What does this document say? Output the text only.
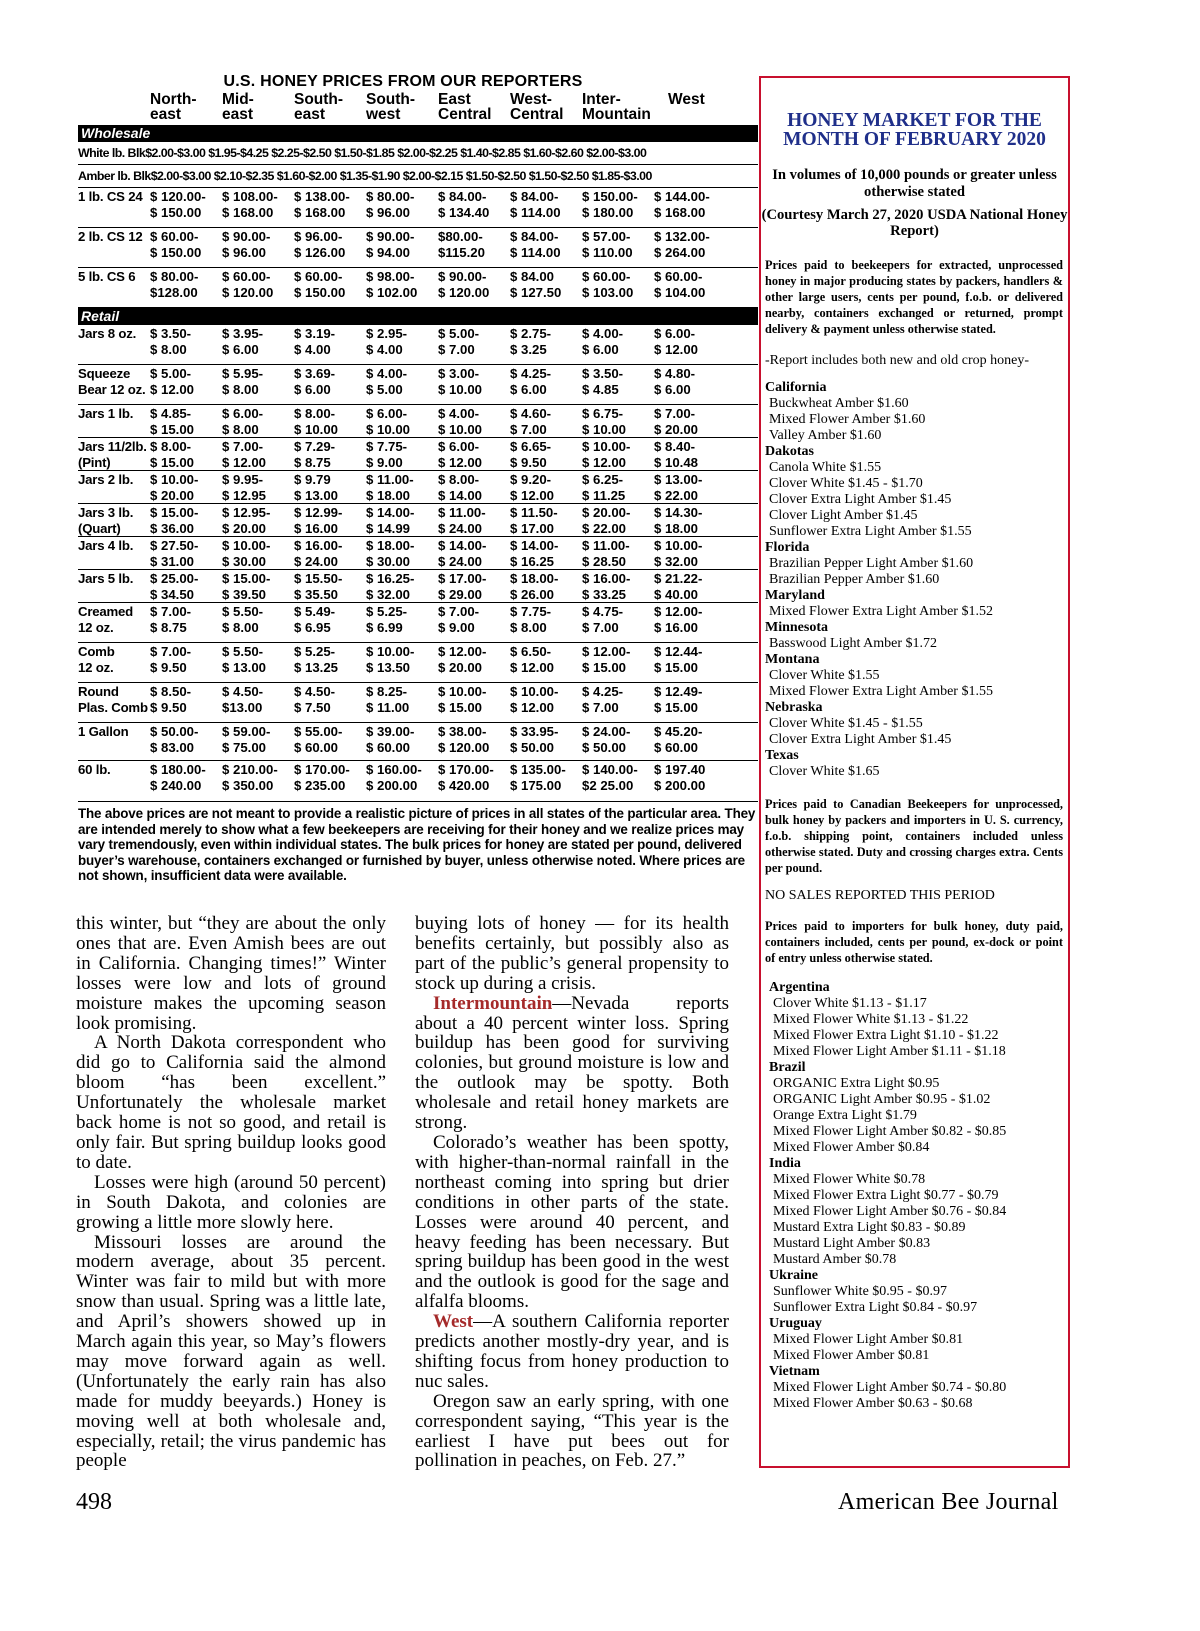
U.S. HONEY PRICES FROM OUR REPORTERS
North-
east
Mid-
east
South-
east
South-
west
East
Central
West-
Central
Inter-
Mountain
West
Wholesale
White lb. Blk$2.00-$3.00 $1.95-$4.25 $2.25-$2.50 $1.50-$1.85 $2.00-$2.25 $1.40-$2.85 $1.60-$2.60 $2.00-$3.00
Amber lb. Blk$2.00-$3.00 $2.10-$2.35 $1.60-$2.00 $1.35-$1.90 $2.00-$2.15 $1.50-$2.50 $1.50-$2.50 $1.85-$3.00
1 lb. CS 24 $ 120.00-
$ 150.00
$ 108.00-
$ 168.00
$ 138.00-
$ 168.00
$ 80.00-
$ 96.00
$ 84.00-
$ 134.40
$ 84.00-
$ 114.00
$ 150.00-
$ 180.00
$ 144.00-
$ 168.00
2 lb. CS 12 $ 60.00-
$ 150.00
$ 90.00-
$ 96.00
$ 96.00-
$ 126.00
$ 90.00-
$ 94.00
$80.00-
$115.20
$ 84.00-
$ 114.00
$ 57.00-
$ 110.00
$ 132.00-
$ 264.00
5 lb. CS 6 $ 80.00-
$128.00
$ 60.00-
$ 120.00
$ 60.00-
$ 150.00
$ 98.00-
$ 102.00
$ 90.00-
$ 120.00
$ 84.00
$ 127.50
$ 60.00-
$ 103.00
$ 60.00-
$ 104.00
Retail
Jars 8 oz. $ 3.50-
$ 8.00
$ 3.95-
$ 6.00
$ 3.19-
$ 4.00
$ 2.95-
$ 4.00
$ 5.00-
$ 7.00
$ 2.75-
$ 3.25
$ 4.00-
$ 6.00
$ 6.00-
$ 12.00
Squeeze
Bear 12 oz.
$ 5.00-
$ 12.00
$ 5.95-
$ 8.00
$ 3.69-
$ 6.00
$ 4.00-
$ 5.00
$ 3.00-
$ 10.00
$ 4.25-
$ 6.00
$ 3.50-
$ 4.85
$ 4.80-
$ 6.00
Jars 1 lb. $ 4.85-
$ 15.00
$ 6.00-
$ 8.00
$ 8.00-
$ 10.00
$ 6.00-
$ 10.00
$ 4.00-
$ 10.00
$ 4.60-
$ 7.00
$ 6.75-
$ 10.00
$ 7.00-
$ 20.00
Jars 11/2lb.
(Pint)
$ 8.00-
$ 15.00
$ 7.00-
$ 12.00
$ 7.29-
$ 8.75
$ 7.75-
$ 9.00
$ 6.00-
$ 12.00
$ 6.65-
$ 9.50
$ 10.00-
$ 12.00
$ 8.40-
$ 10.48
Jars 2 lb. $ 10.00-
$ 20.00
$ 9.95-
$ 12.95
$ 9.79
$ 13.00
$ 11.00-
$ 18.00
$ 8.00-
$ 14.00
$ 9.20-
$ 12.00
$ 6.25-
$ 11.25
$ 13.00-
$ 22.00
Jars 3 lb.
(Quart)
$ 15.00-
$ 36.00
$ 12.95-
$ 20.00
$ 12.99-
$ 16.00
$ 14.00-
$ 14.99
$ 11.00-
$ 24.00
$ 11.50-
$ 17.00
$ 20.00-
$ 22.00
$ 14.30-
$ 18.00
Jars 4 lb. $ 27.50-
$ 31.00
$ 10.00-
$ 30.00
$ 16.00-
$ 24.00
$ 18.00-
$ 30.00
$ 14.00-
$ 24.00
$ 14.00-
$ 16.25
$ 11.00-
$ 28.50
$ 10.00-
$ 32.00
Jars 5 lb. $ 25.00-
$ 34.50
$ 15.00-
$ 39.50
$ 15.50-
$ 35.50
$ 16.25-
$ 32.00
$ 17.00-
$ 29.00
$ 18.00-
$ 26.00
$ 16.00-
$ 33.25
$ 21.22-
$ 40.00
Creamed
12 oz.
$ 7.00-
$ 8.75
$ 5.50-
$ 8.00
$ 5.49-
$ 6.95
$ 5.25-
$ 6.99
$ 7.00-
$ 9.00
$ 7.75-
$ 8.00
$ 4.75-
$ 7.00
$ 12.00-
$ 16.00
Comb
12 oz.
$ 7.00-
$ 9.50
$ 5.50-
$ 13.00
$ 5.25-
$ 13.25
$ 10.00-
$ 13.50
$ 12.00-
$ 20.00
$ 6.50-
$ 12.00
$ 12.00-
$ 15.00
$ 12.44-
$ 15.00
Round
Plas. Comb
$ 8.50-
$ 9.50
$ 4.50-
$13.00
$ 4.50-
$ 7.50
$ 8.25-
$ 11.00
$ 10.00-
$ 15.00
$ 10.00-
$ 12.00
$ 4.25-
$ 7.00
$ 12.49-
$ 15.00
1 Gallon $ 50.00-
$ 83.00
$ 59.00-
$ 75.00
$ 55.00-
$ 60.00
$ 39.00-
$ 60.00
$ 38.00-
$ 120.00
$ 33.95-
$ 50.00
$ 24.00-
$ 50.00
$ 45.20-
$ 60.00
60 lb.	$ 180.00-
$ 240.00
$ 210.00-
$ 350.00
$ 170.00-
$ 235.00
$ 160.00-
$ 200.00
$ 170.00-
$ 420.00
$ 135.00-
$ 175.00
$ 140.00-
$2 25.00
$ 197.40
$ 200.00
The above prices are not meant to provide a realistic picture of prices in all states of the particular area. They are intended merely to show what a few beekeepers are receiving for their honey and we realize prices may vary tremendously, even within individual states. The bulk prices for honey are stated per pound, delivered buyer’s warehouse, containers exchanged or furnished by buyer, unless otherwise noted. Where prices are not shown, insufficient data were available.

this winter, but “they are about the only ones that are. Even Amish bees are out in California. Changing times!” Winter losses were low and lots of ground moisture makes the upcoming season look promising.

A North Dakota correspondent who did go to California said the almond bloom “has been excellent.” Unfortunately the wholesale market back home is not so good, and retail is only fair. But spring buildup looks good to date.

Losses were high (around 50 percent) in South Dakota, and colonies are growing a little more slowly here.

Missouri losses are around the modern average, about 35 percent. Winter was fair to mild but with more snow than usual. Spring was a little late, and April’s showers showed up in March again this year, so May’s flowers may move forward again as well. (Unfortunately the early rain has also made for muddy beeyards.) Honey is moving well at both wholesale and, especially, retail; the virus pandemic has people

buying lots of honey — for its health benefits certainly, but possibly also as part of the public’s general propensity to stock up during a crisis.

Intermountain—Nevada reports about a 40 percent winter loss. Spring buildup has been good for surviving colonies, but ground moisture is low and the outlook may be spotty. Both wholesale and retail honey markets are strong.

Colorado’s weather has been spotty, with higher-than-normal rainfall in the northeast coming into spring but drier conditions in other parts of the state. Losses were around 40 percent, and heavy feeding has been necessary. But spring buildup has been good in the west and the outlook is good for the sage and alfalfa blooms.

West—A southern California reporter predicts another mostly-dry year, and is shifting focus from honey production to nuc sales.

Oregon saw an early spring, with one correspondent saying, “This year is the earliest I have put bees out for pollination in peaches, on Feb. 27.”

HONEY MARKET FOR THE MONTH OF FEBRUARY 2020
In volumes of 10,000 pounds or greater unless otherwise stated
(Courtesy March 27, 2020 USDA National Honey Report)
Prices paid to beekeepers for extracted, unprocessed honey in major producing states by packers, handlers & other large users, cents per pound, f.o.b. or delivered nearby, containers exchanged or returned, prompt delivery & payment unless otherwise stated.
-Report includes both new and old crop honey-
California
Buckwheat Amber $1.60
Mixed Flower Amber $1.60
Valley Amber $1.60
Dakotas
Canola White $1.55
Clover White $1.45 - $1.70
Clover Extra Light Amber $1.45
Clover Light Amber $1.45
Sunflower Extra Light Amber $1.55
Florida
Brazilian Pepper Light Amber $1.60
Brazilian Pepper Amber $1.60
Maryland
Mixed Flower Extra Light Amber $1.52
Minnesota
Basswood Light Amber $1.72
Montana
Clover White $1.55
Mixed Flower Extra Light Amber $1.55
Nebraska
Clover White $1.45 - $1.55
Clover Extra Light Amber $1.45
Texas
Clover White $1.65
Prices paid to Canadian Beekeepers for unprocessed, bulk honey by packers and importers in U. S. currency, f.o.b. shipping point, containers included unless otherwise stated. Duty and crossing charges extra. Cents per pound.
NO SALES REPORTED THIS PERIOD
Prices paid to importers for bulk honey, duty paid, containers included, cents per pound, ex-dock or point of entry unless otherwise stated.
Argentina
Clover White $1.13 - $1.17
Mixed Flower White $1.13 - $1.22
Mixed Flower Extra Light $1.10 - $1.22
Mixed Flower Light Amber $1.11 - $1.18
Brazil
ORGANIC Extra Light $0.95
ORGANIC Light Amber $0.95 - $1.02
Orange Extra Light $1.79
Mixed Flower Light Amber $0.82 - $0.85
Mixed Flower Amber $0.84
India
Mixed Flower White $0.78
Mixed Flower Extra Light $0.77 - $0.79
Mixed Flower Light Amber $0.76 - $0.84
Mustard Extra Light $0.83 - $0.89
Mustard Light Amber $0.83
Mustard Amber $0.78
Ukraine
Sunflower White $0.95 - $0.97
Sunflower Extra Light $0.84 - $0.97
Uruguay
Mixed Flower Light Amber $0.81
Mixed Flower Amber $0.81
Vietnam
Mixed Flower Light Amber $0.74 - $0.80
Mixed Flower Amber $0.63 - $0.68
498	American Bee Journal
